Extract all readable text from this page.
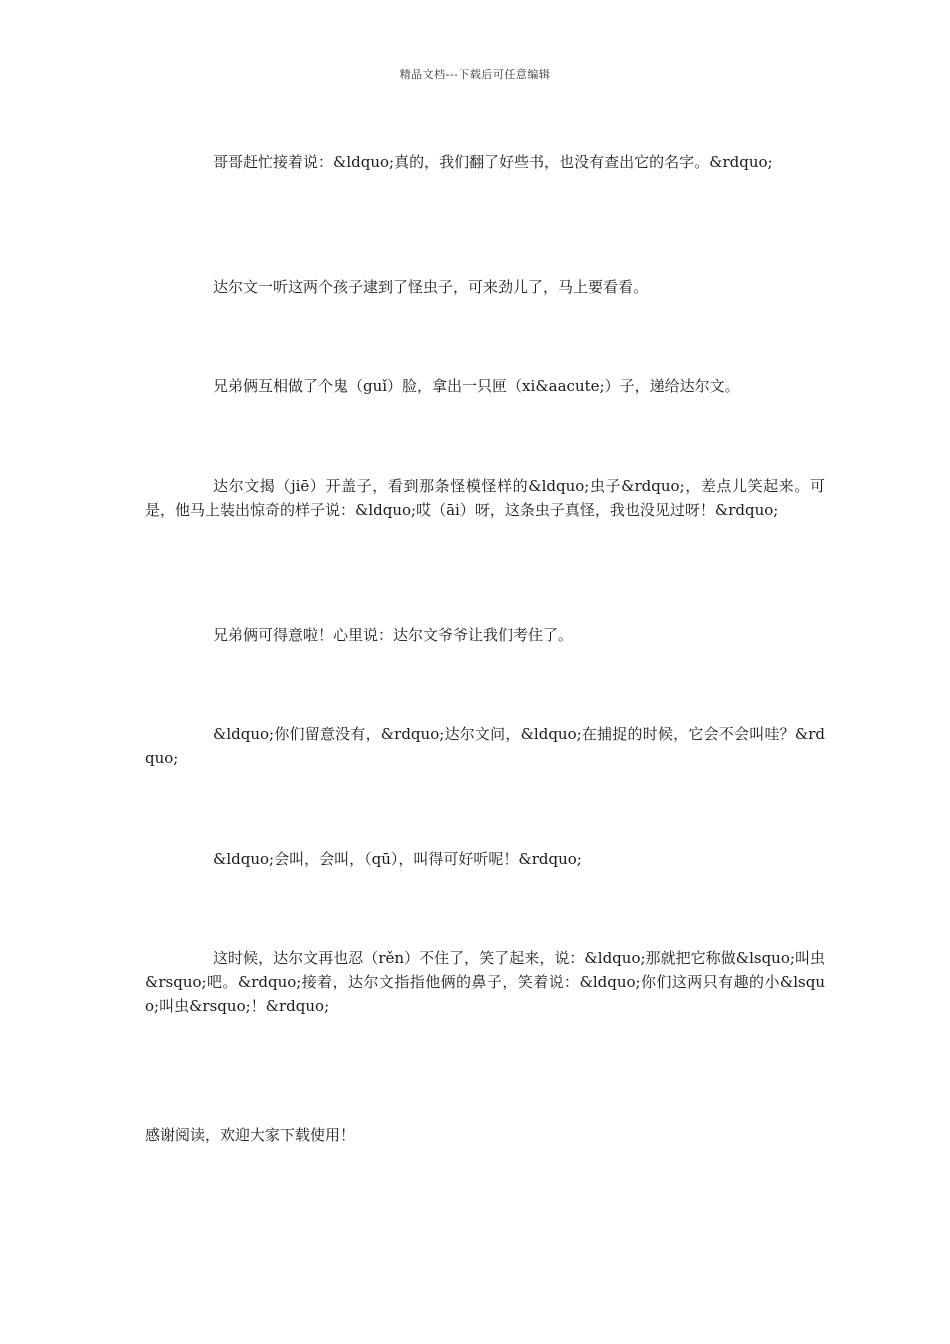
精品文档---下载后可任意编辑

哥哥赶忙接着说：&ldquo;真的，我们翻了好些书，也没有查出它的名字。&rdquo;

达尔文一听这两个孩子逮到了怪虫子，可来劲儿了，马上要看看。

兄弟俩互相做了个鬼（guǐ）脸，拿出一只匣（xi&aacute;）子，递给达尔文。

达尔文揭（jiē）开盖子，看到那条怪模怪样的&ldquo;虫子&rdquo;，差点儿笑起来。可是，他马上装出惊奇的样子说：&ldquo;哎（āi）呀，这条虫子真怪，我也没见过呀！&rdquo;

兄弟俩可得意啦！心里说：达尔文爷爷让我们考住了。

&ldquo;你们留意没有，&rdquo;达尔文问，&ldquo;在捕捉的时候，它会不会叫哇？&rdquo;

&ldquo;会叫，会叫，（qū），叫得可好听呢！&rdquo;

这时候，达尔文再也忍（rěn）不住了，笑了起来，说：&ldquo;那就把它称做&lsquo;叫虫&rsquo;吧。&rdquo;接着，达尔文指指他俩的鼻子，笑着说：&ldquo;你们这两只有趣的小&lsquo;叫虫&rsquo;！&rdquo;

感谢阅读，欢迎大家下载使用！
